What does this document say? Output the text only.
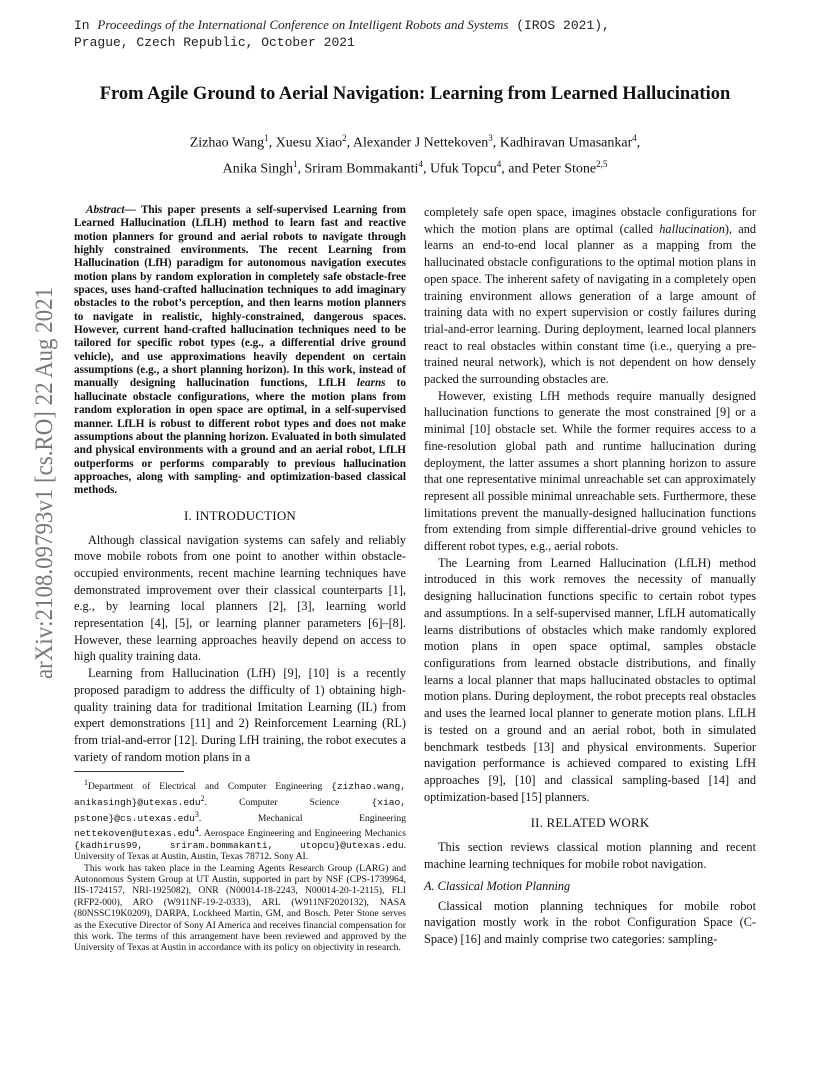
In Proceedings of the International Conference on Intelligent Robots and Systems (IROS 2021),
Prague, Czech Republic, October 2021
arXiv:2108.09793v1 [cs.RO] 22 Aug 2021
From Agile Ground to Aerial Navigation: Learning from Learned Hallucination
Zizhao Wang$^1$, Xuesu Xiao$^2$, Alexander J Nettekoven$^3$, Kadhiravan Umasankar$^4$,
Anika Singh$^1$, Sriram Bommakanti$^4$, Ufuk Topcu$^4$, and Peter Stone$^{2,5}$

Abstract— This paper presents a self-supervised Learning from Learned Hallucination (LfLH) method to learn fast and reactive motion planners for ground and aerial robots to navigate through highly constrained environments. The recent Learning from Hallucination (LfH) paradigm for autonomous navigation executes motion plans by random exploration in completely safe obstacle-free spaces, uses hand-crafted hallucination techniques to add imaginary obstacles to the robot’s perception, and then learns motion planners to navigate in realistic, highly-constrained, dangerous spaces. However, current hand-crafted hallucination techniques need to be tailored for specific robot types (e.g., a differential drive ground vehicle), and use approximations heavily dependent on certain assumptions (e.g., a short planning horizon). In this work, instead of manually designing hallucination functions, LfLH learns to hallucinate obstacle configurations, where the motion plans from random exploration in open space are optimal, in a self-supervised manner. LfLH is robust to different robot types and does not make assumptions about the planning horizon. Evaluated in both simulated and physical environments with a ground and an aerial robot, LfLH outperforms or performs comparably to previous hallucination approaches, along with sampling- and optimization-based classical methods.

I. INTRODUCTION

Although classical navigation systems can safely and reliably move mobile robots from one point to another within obstacle-occupied environments, recent machine learning techniques have demonstrated improvement over their classical counterparts [1], e.g., by learning local planners [2], [3], learning world representation [4], [5], or learning planner parameters [6]–[8]. However, these learning approaches heavily depend on access to high quality training data.

Learning from Hallucination (LfH) [9], [10] is a recently proposed paradigm to address the difficulty of 1) obtaining high-quality training data for traditional Imitation Learning (IL) from expert demonstrations [11] and 2) Reinforcement Learning (RL) from trial-and-error [12]. During LfH training, the robot executes a variety of random motion plans in a

$^1$Department of Electrical and Computer Engineering {zizhao.wang, anikasingh}@utexas.edu$^2$. Computer Science {xiao, pstone}@cs.utexas.edu$^3$. Mechanical Engineering nettekoven@utexas.edu$^4$. Aerospace Engineering and Engineering Mechanics {kadhirus99, sriram.bommakanti, utopcu}@utexas.edu. University of Texas at Austin, Austin, Texas 78712. Sony AI.

This work has taken place in the Learning Agents Research Group (LARG) and Autonomous System Group at UT Austin, supported in part by NSF (CPS-1739964, IIS-1724157, NRI-1925082), ONR (N00014-18-2243, N00014-20-1-2115), FLI (RFP2-000), ARO (W911NF-19-2-0333), ARL (W911NF2020132), NASA (80NSSC19K0209), DARPA, Lockheed Martin, GM, and Bosch. Peter Stone serves as the Executive Director of Sony AI America and receives financial compensation for this work. The terms of this arrangement have been reviewed and approved by the University of Texas at Austin in accordance with its policy on objectivity in research.

completely safe open space, imagines obstacle configurations for which the motion plans are optimal (called hallucination), and learns an end-to-end local planner as a mapping from the hallucinated obstacle configurations to the optimal motion plans in open space. The inherent safety of navigating in a completely open training environment allows generation of a large amount of training data with no expert supervision or costly failures during trial-and-error learning. During deployment, learned local planners react to real obstacles within constant time (i.e., querying a pre-trained neural network), which is not dependent on how densely packed the surrounding obstacles are.

However, existing LfH methods require manually designed hallucination functions to generate the most constrained [9] or a minimal [10] obstacle set. While the former requires access to a fine-resolution global path and runtime hallucination during deployment, the latter assumes a short planning horizon to assure that one representative minimal unreachable set can approximately represent all possible minimal unreachable sets. Furthermore, these limitations prevent the manually-designed hallucination functions from extending from simple differential-drive ground vehicles to different robot types, e.g., aerial robots.

The Learning from Learned Hallucination (LfLH) method introduced in this work removes the necessity of manually designing hallucination functions specific to certain robot types and assumptions. In a self-supervised manner, LfLH automatically learns distributions of obstacles which make randomly explored motion plans in open space optimal, samples obstacle configurations from learned obstacle distributions, and finally learns a local planner that maps hallucinated obstacles to optimal motion plans. During deployment, the robot precepts real obstacles and uses the learned local planner to generate motion plans. LfLH is tested on a ground and an aerial robot, both in simulated benchmark testbeds [13] and physical environments. Superior navigation performance is achieved compared to existing LfH approaches [9], [10] and classical sampling-based [14] and optimization-based [15] planners.

II. RELATED WORK

This section reviews classical motion planning and recent machine learning techniques for mobile robot navigation.

A. Classical Motion Planning

Classical motion planning techniques for mobile robot navigation mostly work in the robot Configuration Space (C-Space) [16] and mainly comprise two categories: sampling-
